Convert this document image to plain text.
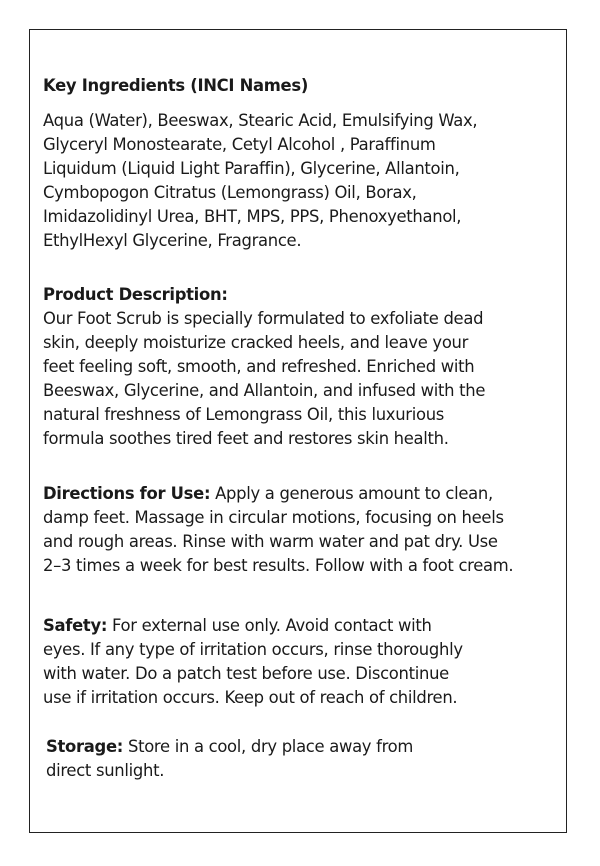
Key Ingredients (INCI Names)
Aqua (Water), Beeswax, Stearic Acid, Emulsifying Wax,
Glyceryl Monostearate, Cetyl Alcohol , Paraffinum
Liquidum (Liquid Light Paraffin), Glycerine, Allantoin,
Cymbopogon Citratus (Lemongrass) Oil, Borax,
Imidazolidinyl Urea, BHT, MPS, PPS, Phenoxyethanol,
EthylHexyl Glycerine, Fragrance.
Product Description:
Our Foot Scrub is specially formulated to exfoliate dead
skin, deeply moisturize cracked heels, and leave your
feet feeling soft, smooth, and refreshed. Enriched with
Beeswax, Glycerine, and Allantoin, and infused with the
natural freshness of Lemongrass Oil, this luxurious
formula soothes tired feet and restores skin health.
Directions for Use: Apply a generous amount to clean,
damp feet. Massage in circular motions, focusing on heels
and rough areas. Rinse with warm water and pat dry. Use
2–3 times a week for best results. Follow with a foot cream.
Safety: For external use only. Avoid contact with
eyes. If any type of irritation occurs, rinse thoroughly
with water. Do a patch test before use. Discontinue
use if irritation occurs. Keep out of reach of children.
Storage: Store in a cool, dry place away from
direct sunlight.
